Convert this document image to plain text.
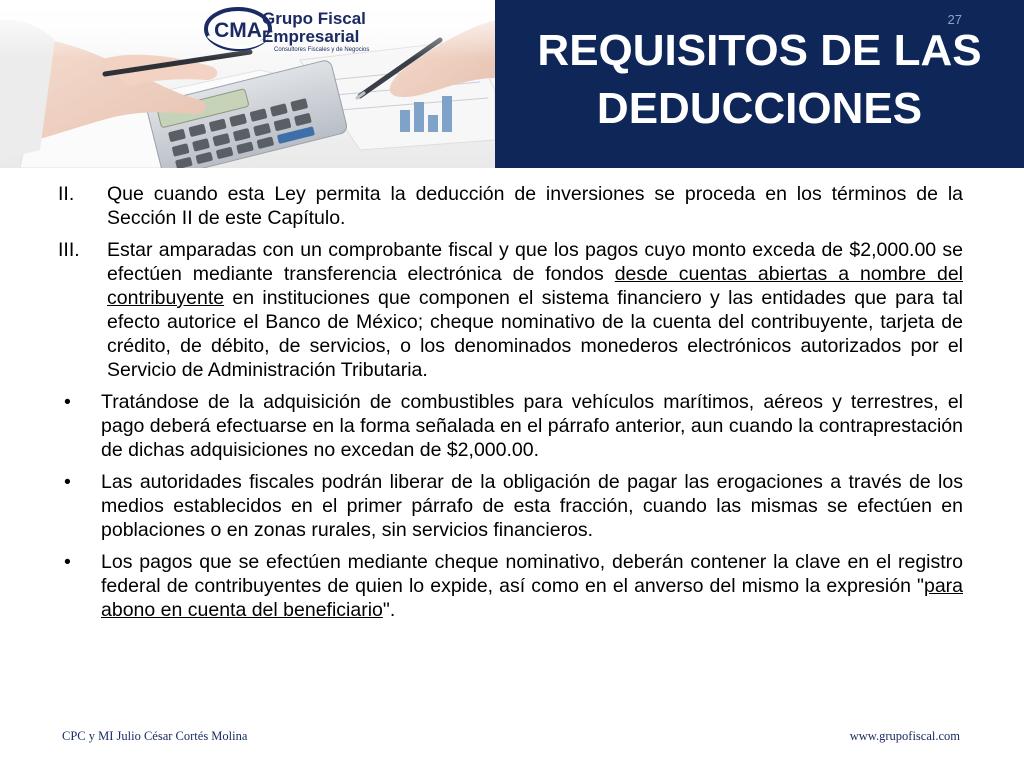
CMA
Grupo Fiscal
Empresarial
Consultores Fiscales y de Negocios
27
REQUISITOS DE LAS
DEDUCCIONES
II. Que cuando esta Ley permita la deducción de inversiones se proceda en los términos de la Sección II de este Capítulo.
III. Estar amparadas con un comprobante fiscal y que los pagos cuyo monto exceda de $2,000.00 se efectúen mediante transferencia electrónica de fondos desde cuentas abiertas a nombre del contribuyente en instituciones que componen el sistema financiero y las entidades que para tal efecto autorice el Banco de México; cheque nominativo de la cuenta del contribuyente, tarjeta de crédito, de débito, de servicios, o los denominados monederos electrónicos autorizados por el Servicio de Administración Tributaria.
• Tratándose de la adquisición de combustibles para vehículos marítimos, aéreos y terrestres, el pago deberá efectuarse en la forma señalada en el párrafo anterior, aun cuando la contraprestación de dichas adquisiciones no excedan de $2,000.00.
• Las autoridades fiscales podrán liberar de la obligación de pagar las erogaciones a través de los medios establecidos en el primer párrafo de esta fracción, cuando las mismas se efectúen en poblaciones o en zonas rurales, sin servicios financieros.
• Los pagos que se efectúen mediante cheque nominativo, deberán contener la clave en el registro federal de contribuyentes de quien lo expide, así como en el anverso del mismo la expresión "para abono en cuenta del beneficiario".
CPC y MI Julio César Cortés Molina	www.grupofiscal.com
